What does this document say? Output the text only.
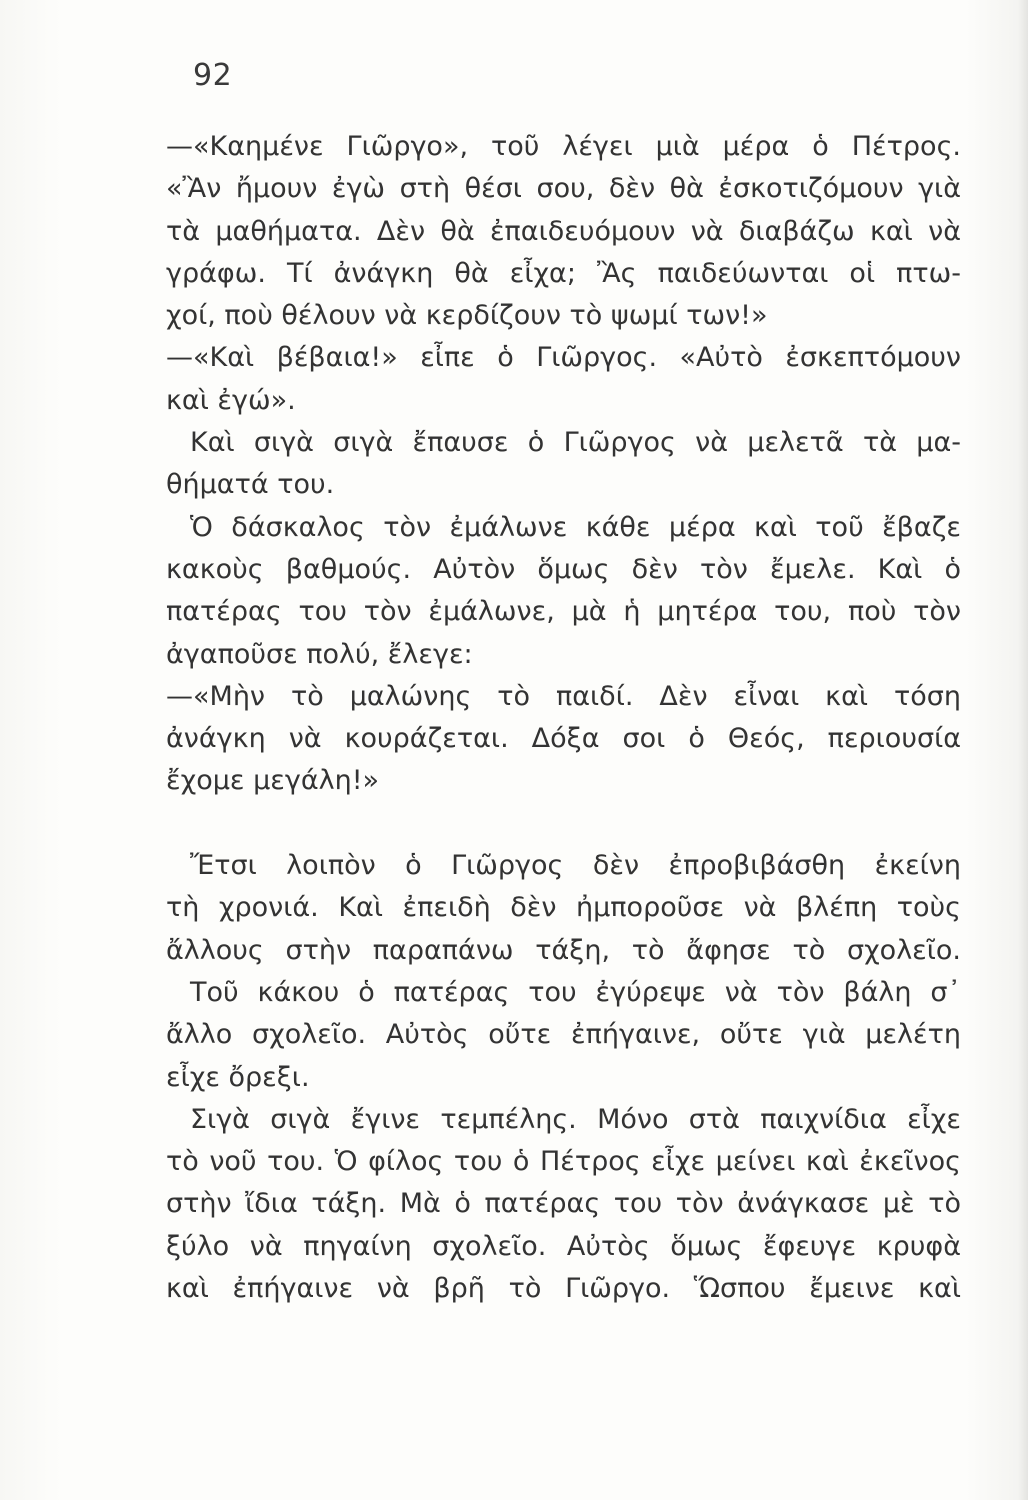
92
—«Καημένε Γιῶργο», τοῦ λέγει μιὰ μέρα ὁ Πέτρος.
«Ἂν ἤμουν ἐγὼ στὴ θέσι σου, δὲν θὰ ἐσκοτιζόμουν γιὰ
τὰ μαθήματα. Δὲν θὰ ἐπαιδευόμουν νὰ διαβάζω καὶ νὰ
γράφω. Τί ἀνάγκη θὰ εἶχα; Ἂς παιδεύωνται οἱ πτω-
χοί, ποὺ θέλουν νὰ κερδίζουν τὸ ψωμί των!»
—«Καὶ βέβαια!» εἶπε ὁ Γιῶργος. «Αὐτὸ ἐσκεπτόμουν
καὶ ἐγώ».
Καὶ σιγὰ σιγὰ ἔπαυσε ὁ Γιῶργος νὰ μελετᾶ τὰ μα-
θήματά του.
Ὁ δάσκαλος τὸν ἐμάλωνε κάθε μέρα καὶ τοῦ ἔβαζε
κακοὺς βαθμούς. Αὐτὸν ὅμως δὲν τὸν ἔμελε. Καὶ ὁ
πατέρας του τὸν ἐμάλωνε, μὰ ἡ μητέρα του, ποὺ τὸν
ἀγαποῦσε πολύ, ἔλεγε:
—«Μὴν τὸ μαλώνης τὸ παιδί. Δὲν εἶναι καὶ τόση
ἀνάγκη νὰ κουράζεται. Δόξα σοι ὁ Θεός, περιουσία
ἔχομε μεγάλη!»
Ἔτσι λοιπὸν ὁ Γιῶργος δὲν ἐπροβιβάσθη ἐκείνη
τὴ χρονιά. Καὶ ἐπειδὴ δὲν ἠμποροῦσε νὰ βλέπη τοὺς
ἄλλους στὴν παραπάνω τάξη, τὸ ἄφησε τὸ σχολεῖο.
Τοῦ κάκου ὁ πατέρας του ἐγύρεψε νὰ τὸν βάλη σ᾽
ἄλλο σχολεῖο. Αὐτὸς οὔτε ἐπήγαινε, οὔτε γιὰ μελέτη
εἶχε ὄρεξι.
Σιγὰ σιγὰ ἔγινε τεμπέλης. Μόνο στὰ παιχνίδια εἶχε
τὸ νοῦ του. Ὁ φίλος του ὁ Πέτρος εἶχε μείνει καὶ ἐκεῖνος
στὴν ἴδια τάξη. Μὰ ὁ πατέρας του τὸν ἀνάγκασε μὲ τὸ
ξύλο νὰ πηγαίνη σχολεῖο. Αὐτὸς ὅμως ἔφευγε κρυφὰ
καὶ ἐπήγαινε νὰ βρῆ τὸ Γιῶργο. Ὥσπου ἔμεινε καὶ
